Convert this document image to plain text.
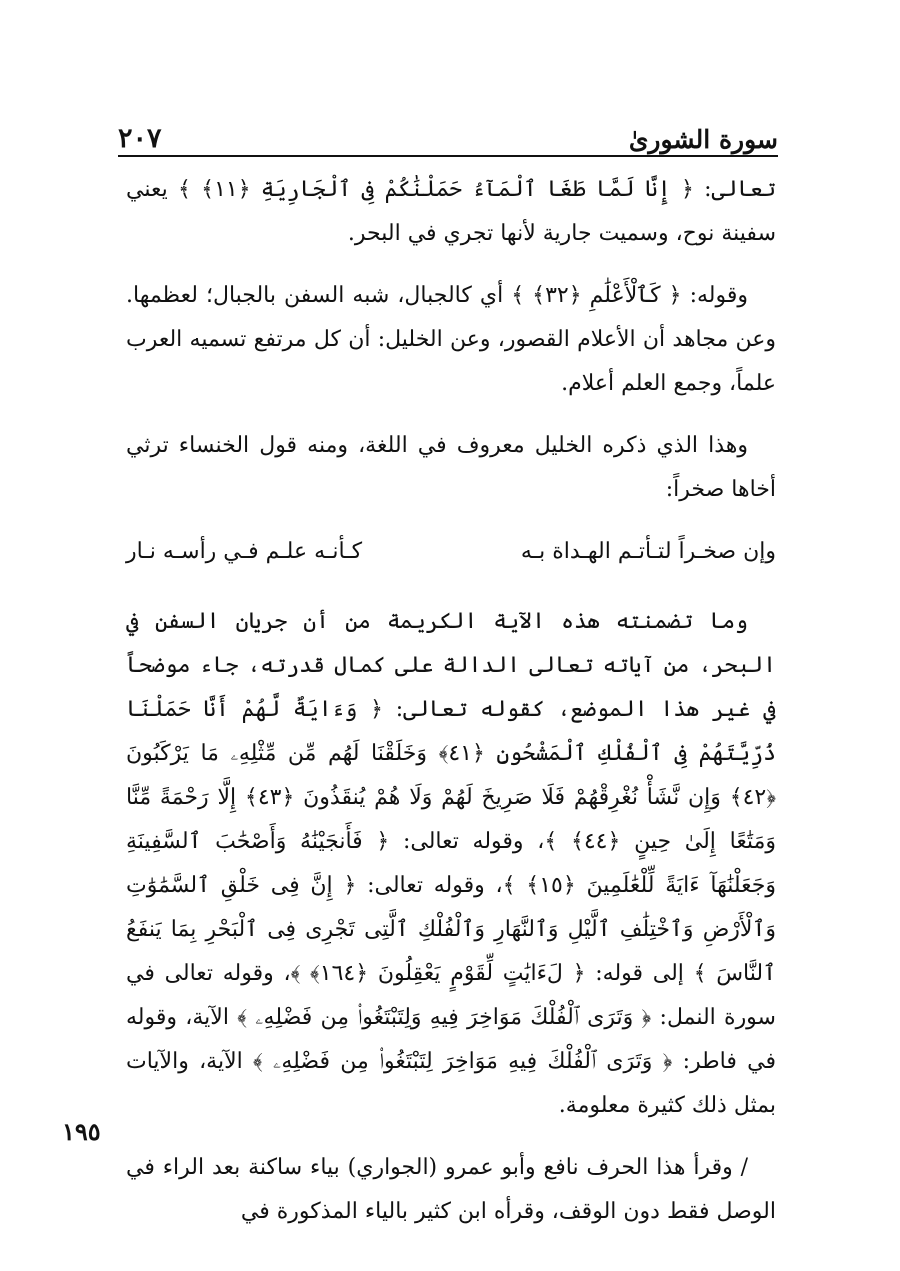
سورة الشورىٰ
٢٠٧

تعالى: ﴿ إِنَّا لَمَّا طَغَا ٱلْمَآءُ حَمَلْنَٰكُمْ فِى ٱلْجَارِيَةِ ﴿١١﴾ ﴾ يعني سفينة نوح، وسميت جارية لأنها تجري في البحر.

وقوله: ﴿ كَٱلْأَعْلَٰمِ ﴿٣٢﴾ ﴾ أي كالجبال، شبه السفن بالجبال؛ لعظمها. وعن مجاهد أن الأعلام القصور، وعن الخليل: أن كل مرتفع تسميه العرب علماً، وجمع العلم أعلام.

وهذا الذي ذكره الخليل معروف في اللغة، ومنه قول الخنساء ترثي أخاها صخراً:

وإن صخـراً لتـأتـم الهـداة بـه
كـأنـه علـم فـي رأسـه نـار

وما تضمنته هذه الآية الكريمة من أن جريان السفن في البحر، من آياته تعالى الدالة على كمال قدرته، جاء موضحاً في غير هذا الموضع، كقوله تعالى: ﴿ وَءَايَةٌ لَّهُمْ أَنَّا حَمَلْنَا ذُرِّيَّتَهُمْ فِى ٱلْفُلْكِ ٱلْمَشْحُونِ ﴿٤١﴾ وَخَلَقْنَا لَهُم مِّن مِّثْلِهِۦ مَا يَرْكَبُونَ ﴿٤٢﴾ وَإِن نَّشَأْ نُغْرِقْهُمْ فَلَا صَرِيخَ لَهُمْ وَلَا هُمْ يُنقَذُونَ ﴿٤٣﴾ إِلَّا رَحْمَةً مِّنَّا وَمَتَٰعًا إِلَىٰ حِينٍ ﴿٤٤﴾ ﴾، وقوله تعالى: ﴿ فَأَنجَيْنَٰهُ وَأَصْحَٰبَ ٱلسَّفِينَةِ وَجَعَلْنَٰهَآ ءَايَةً لِّلْعَٰلَمِينَ ﴿١٥﴾ ﴾، وقوله تعالى: ﴿ إِنَّ فِى خَلْقِ ٱلسَّمَٰوَٰتِ وَٱلْأَرْضِ وَٱخْتِلَٰفِ ٱلَّيْلِ وَٱلنَّهَارِ وَٱلْفُلْكِ ٱلَّتِى تَجْرِى فِى ٱلْبَحْرِ بِمَا يَنفَعُ ٱلنَّاسَ ﴾ إلى قوله: ﴿ لَءَايَٰتٍ لِّقَوْمٍ يَعْقِلُونَ ﴿١٦٤﴾ ﴾، وقوله تعالى في سورة النمل: ﴿ وَتَرَى ٱلْفُلْكَ مَوَاخِرَ فِيهِ وَلِتَبْتَغُوا۟ مِن فَضْلِهِۦ ﴾ الآية، وقوله في فاطر: ﴿ وَتَرَى ٱلْفُلْكَ فِيهِ مَوَاخِرَ لِتَبْتَغُوا۟ مِن فَضْلِهِۦ ﴾ الآية، والآيات بمثل ذلك كثيرة معلومة.

/ وقرأ هذا الحرف نافع وأبو عمرو (الجواري) بياء ساكنة بعد الراء في الوصل فقط دون الوقف، وقرأه ابن كثير بالياء المذكورة في

١٩٥
